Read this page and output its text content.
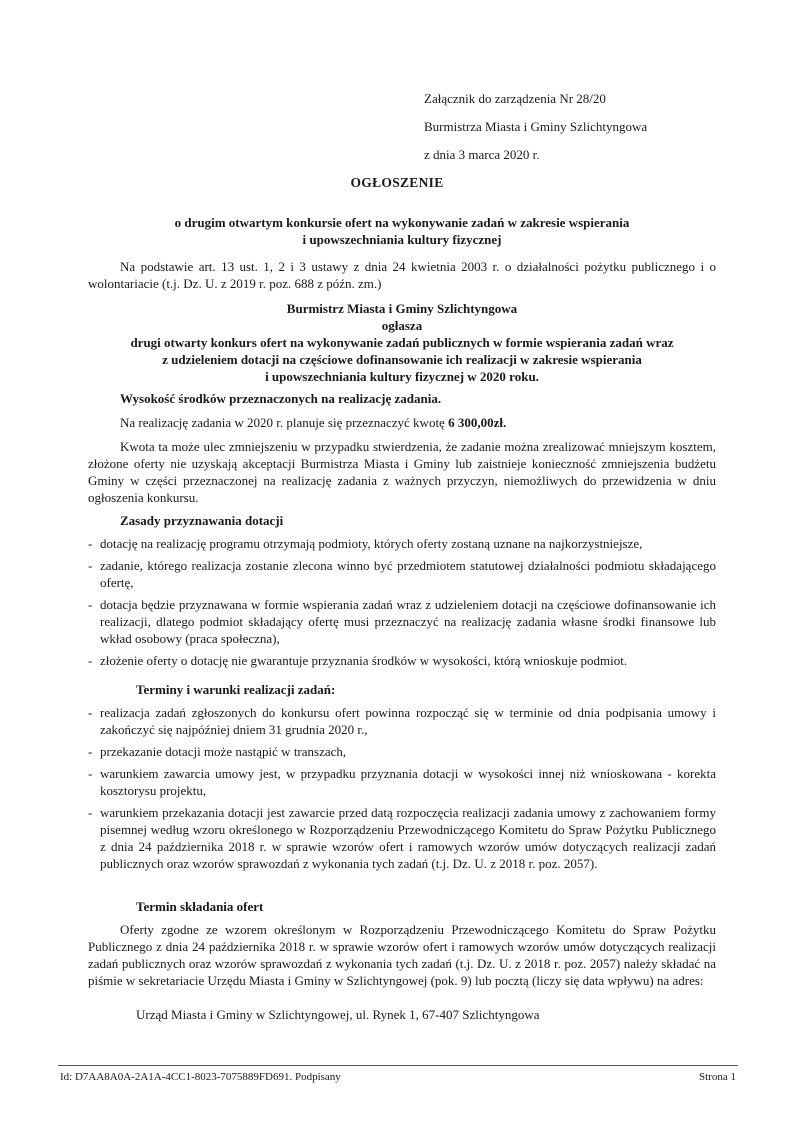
Załącznik do zarządzenia Nr 28/20
Burmistrza Miasta i Gminy Szlichtyngowa
z dnia 3 marca 2020 r.
OGŁOSZENIE
o drugim otwartym konkursie ofert na wykonywanie zadań w zakresie wspierania
i upowszechniania kultury fizycznej
Na podstawie art. 13 ust. 1, 2 i 3 ustawy z dnia 24 kwietnia 2003 r. o działalności pożytku publicznego i o wolontariacie (t.j. Dz. U. z 2019 r. poz. 688 z późn. zm.)
Burmistrz Miasta i Gminy Szlichtyngowa
ogłasza
drugi otwarty konkurs ofert na wykonywanie zadań publicznych w formie wspierania zadań wraz
z udzieleniem dotacji na częściowe dofinansowanie ich realizacji w zakresie wspierania
i upowszechniania kultury fizycznej w 2020 roku.
Wysokość środków przeznaczonych na realizację zadania.
Na realizację zadania w 2020 r. planuje się przeznaczyć kwotę 6 300,00zł.
Kwota ta może ulec zmniejszeniu w przypadku stwierdzenia, że zadanie można zrealizować mniejszym kosztem, złożone oferty nie uzyskają akceptacji Burmistrza Miasta i Gminy lub zaistnieje konieczność zmniejszenia budżetu Gminy w części przeznaczonej na realizację zadania z ważnych przyczyn, niemożliwych do przewidzenia w dniu ogłoszenia konkursu.
Zasady przyznawania dotacji
- dotację na realizację programu otrzymają podmioty, których oferty zostaną uznane na najkorzystniejsze,
- zadanie, którego realizacja zostanie zlecona winno być przedmiotem statutowej działalności podmiotu składającego ofertę,
- dotacja będzie przyznawana w formie wspierania zadań wraz z udzieleniem dotacji na częściowe dofinansowanie ich realizacji, dlatego podmiot składający ofertę musi przeznaczyć na realizację zadania własne środki finansowe lub wkład osobowy (praca społeczna),
- złożenie oferty o dotację nie gwarantuje przyznania środków w wysokości, którą wnioskuje podmiot.
Terminy i warunki realizacji zadań:
- realizacja zadań zgłoszonych do konkursu ofert powinna rozpocząć się w terminie od dnia podpisania umowy i zakończyć się najpóźniej dniem 31 grudnia 2020 r.,
- przekazanie dotacji może nastąpić w transzach,
- warunkiem zawarcia umowy jest, w przypadku przyznania dotacji w wysokości innej niż wnioskowana - korekta kosztorysu projektu,
- warunkiem przekazania dotacji jest zawarcie przed datą rozpoczęcia realizacji zadania umowy z zachowaniem formy pisemnej według wzoru określonego w Rozporządzeniu Przewodniczącego Komitetu do Spraw Pożytku Publicznego z dnia 24 października 2018 r. w sprawie wzorów ofert i ramowych wzorów umów dotyczących realizacji zadań publicznych oraz wzorów sprawozdań z wykonania tych zadań (t.j. Dz. U. z 2018 r. poz. 2057).
Termin składania ofert
Oferty zgodne ze wzorem określonym w Rozporządzeniu Przewodniczącego Komitetu do Spraw Pożytku Publicznego z dnia 24 października 2018 r. w sprawie wzorów ofert i ramowych wzorów umów dotyczących realizacji zadań publicznych oraz wzorów sprawozdań z wykonania tych zadań (t.j. Dz. U. z 2018 r. poz. 2057) należy składać na piśmie w sekretariacie Urzędu Miasta i Gminy w Szlichtyngowej (pok. 9) lub pocztą (liczy się data wpływu) na adres:
Urząd Miasta i Gminy w Szlichtyngowej, ul. Rynek 1, 67-407 Szlichtyngowa
Id: D7AA8A0A-2A1A-4CC1-8023-7075889FD691. Podpisany	Strona 1
